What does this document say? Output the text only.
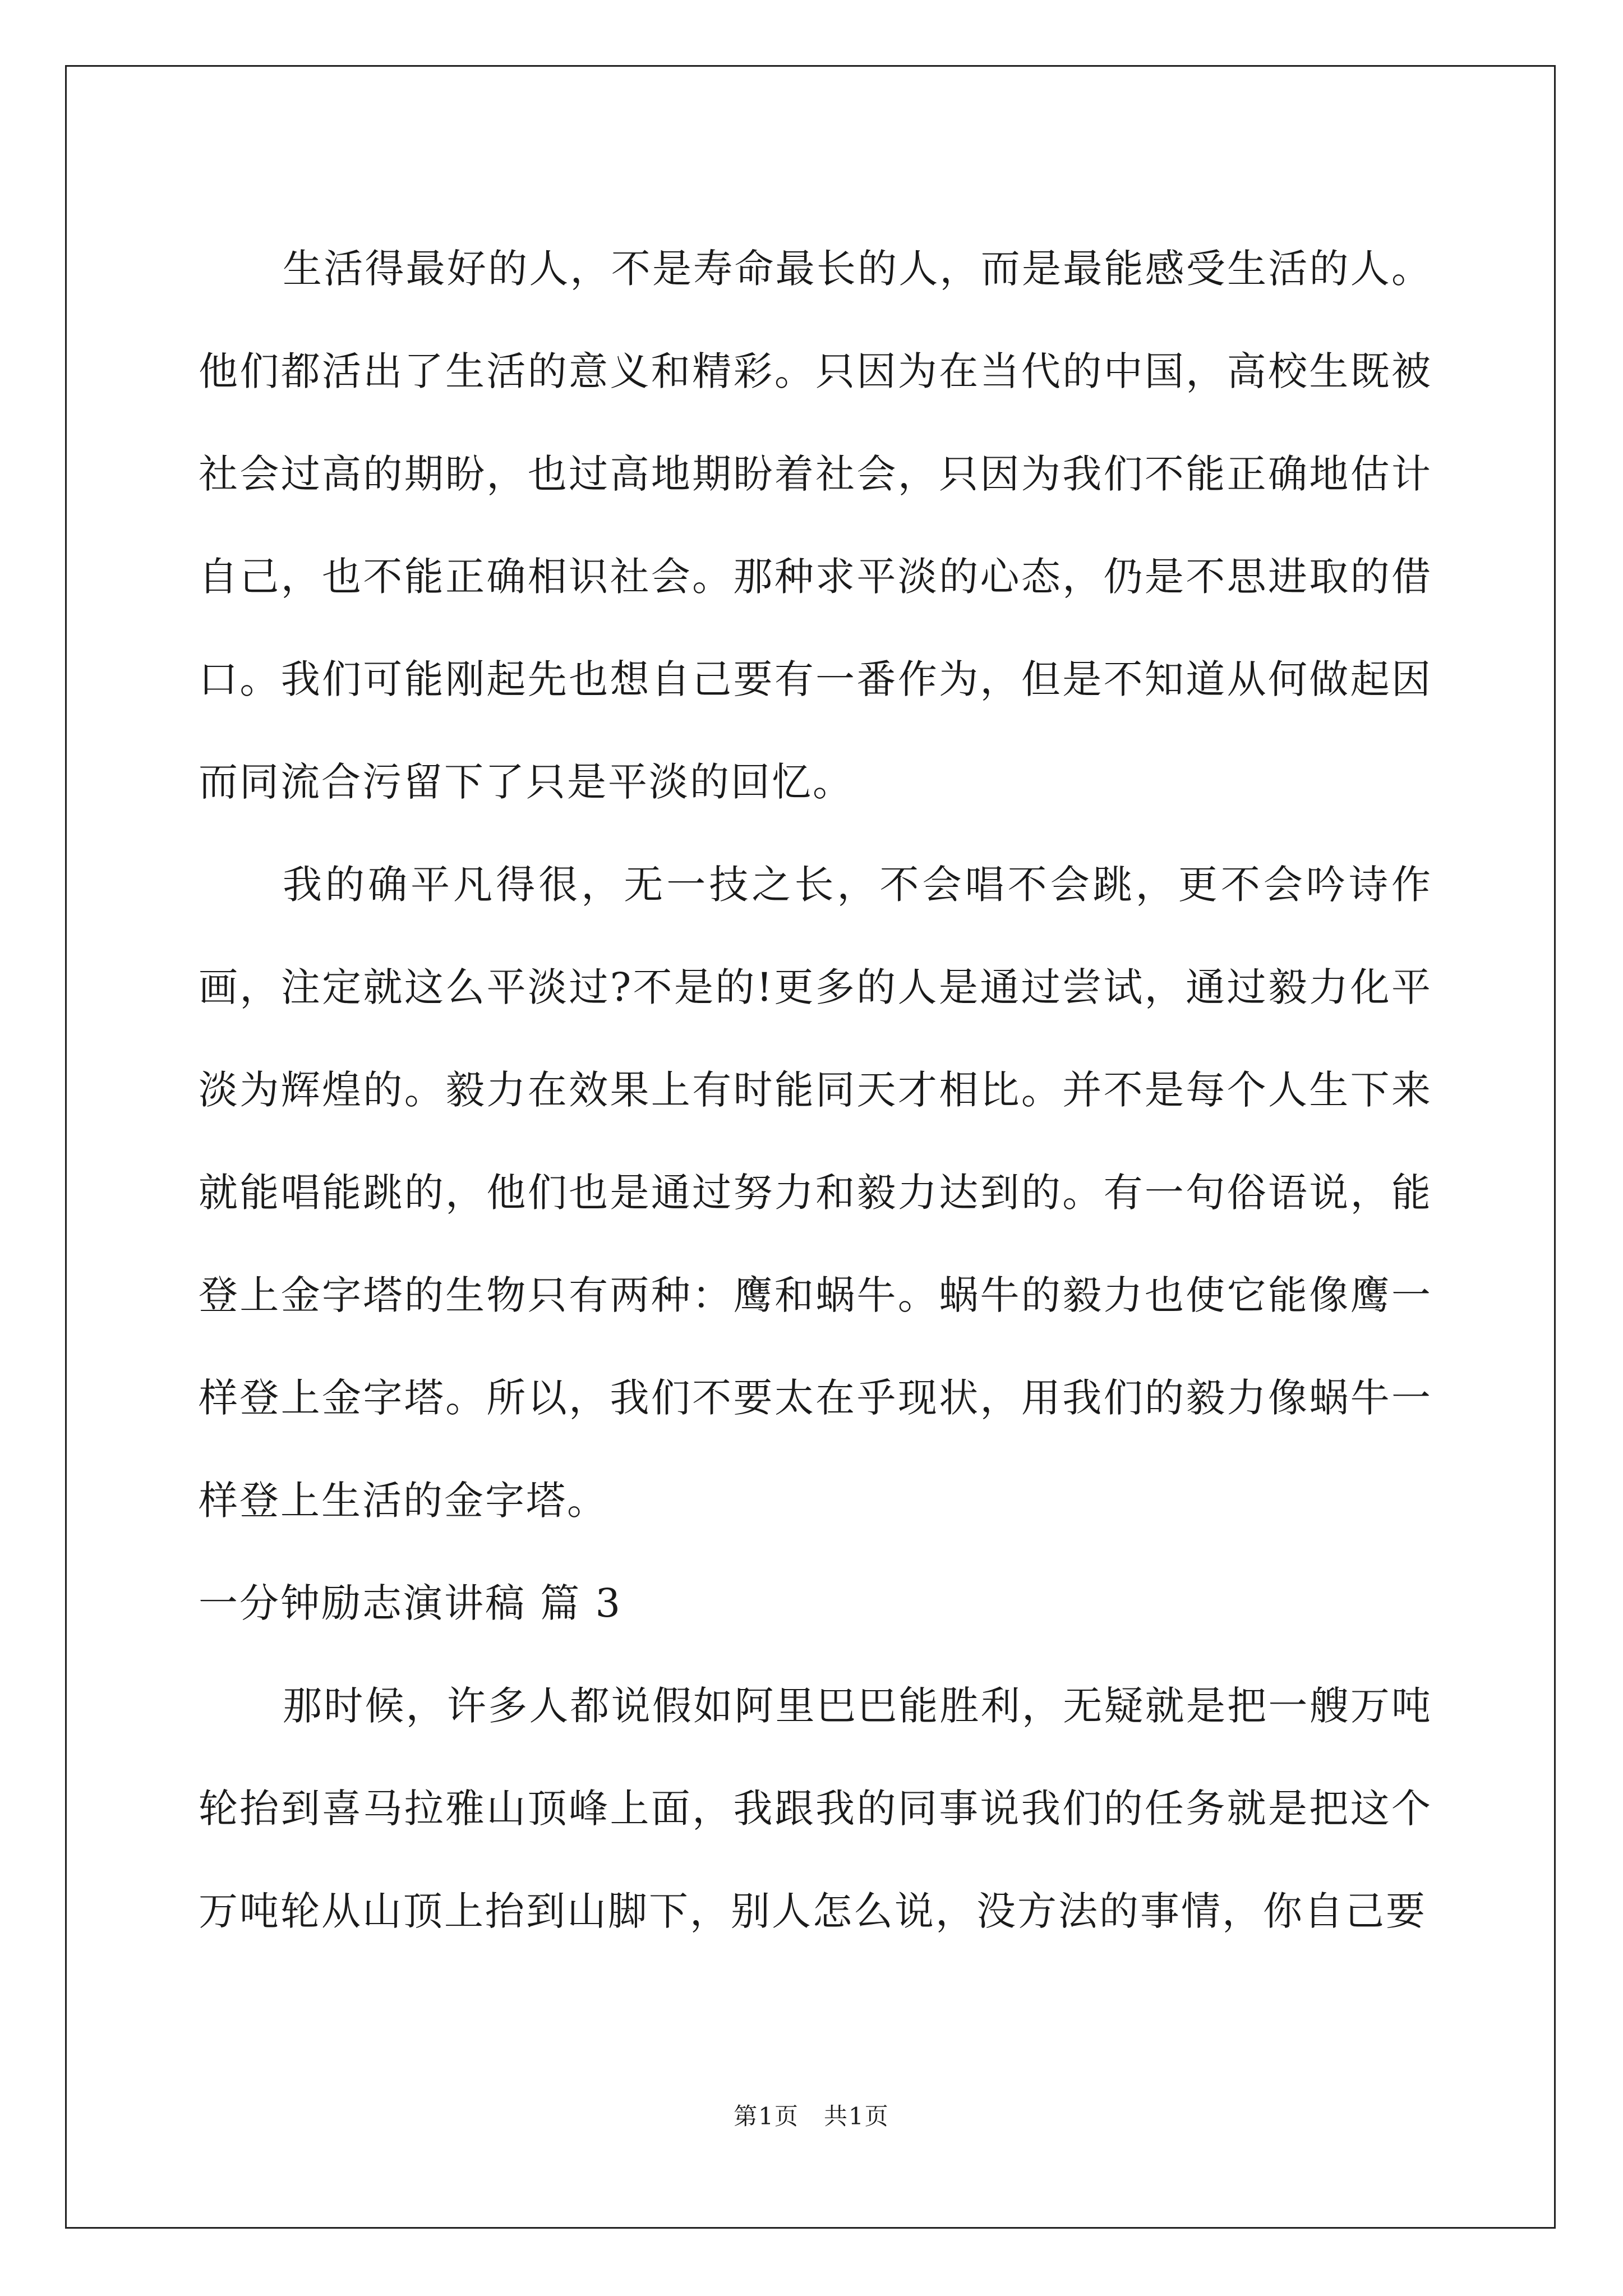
生活得最好的人，不是寿命最长的人，而是最能感受生活的人。他们都活出了生活的意义和精彩。只因为在当代的中国，高校生既被社会过高的期盼，也过高地期盼着社会，只因为我们不能正确地估计自己，也不能正确相识社会。那种求平淡的心态，仍是不思进取的借口。我们可能刚起先也想自己要有一番作为，但是不知道从何做起因而同流合污留下了只是平淡的回忆。

我的确平凡得很，无一技之长，不会唱不会跳，更不会吟诗作画，注定就这么平淡过?不是的!更多的人是通过尝试，通过毅力化平淡为辉煌的。毅力在效果上有时能同天才相比。并不是每个人生下来就能唱能跳的，他们也是通过努力和毅力达到的。有一句俗语说，能登上金字塔的生物只有两种：鹰和蜗牛。蜗牛的毅力也使它能像鹰一样登上金字塔。所以，我们不要太在乎现状，用我们的毅力像蜗牛一样登上生活的金字塔。

一分钟励志演讲稿 篇 3

那时候，许多人都说假如阿里巴巴能胜利，无疑就是把一艘万吨轮抬到喜马拉雅山顶峰上面，我跟我的同事说我们的任务就是把这个万吨轮从山顶上抬到山脚下，别人怎么说，没方法的事情，你自己要

第1页　共1页
